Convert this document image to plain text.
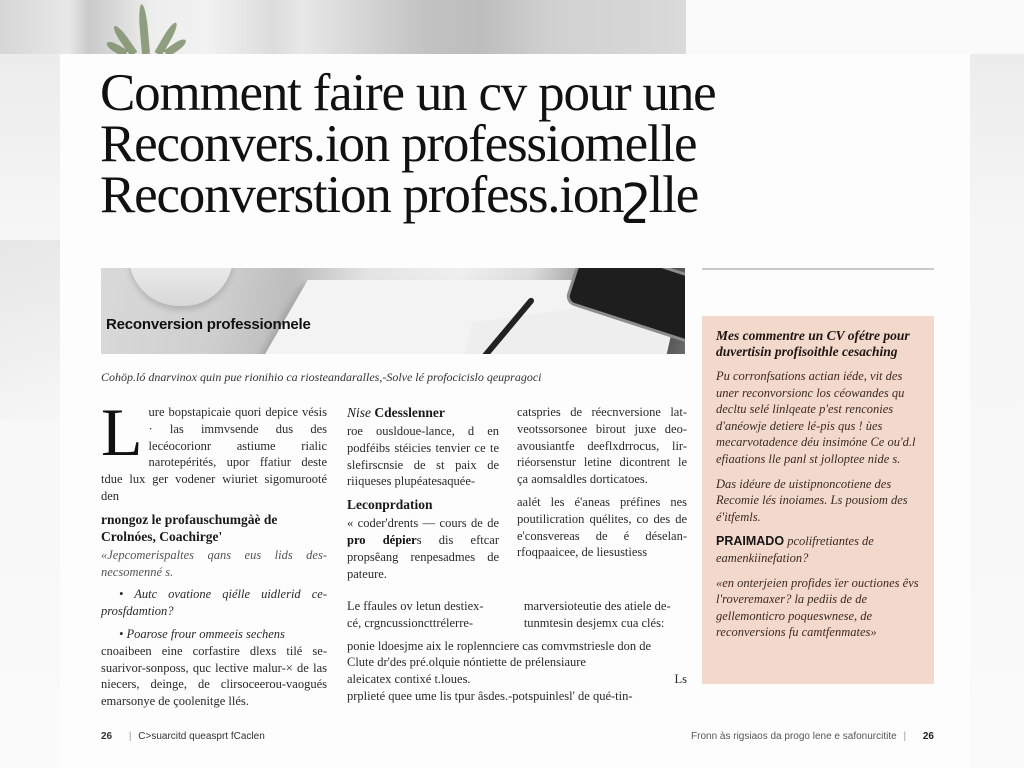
Comment faire un cv pour une
Reconvers.ion professiomelle
Reconverstion profess.ionշlle
Reconversion professionnele
Cohöp.ló dnarvinox quin pue rionihio ca riosteandaralles,-Solve lé profocicislo qeupragoci

L ure bopstapicaie quori depice vésis · las immvsende dus des lecéocorionr astiume rialic narotepérités, upor ffatiur deste tdue lux ger vodener wiuriet sigomurooté den

rnongoz le profauschumgàè de Crolnóes, Coachirge'

«Jepcomerispaltes qans eus lids des-necsomenné s.

• Autc ovatione qiélle uidlerid ce-prosfdamtion?

• Poarose frour ommeeis sechens

cnoaibeen eine corfastire dlexs tilé se-suarivor-sonposs, quc lective malur-× de las niecers, deinge, de clirsoceerou-vaogués emarsonye de çoolenitge llés.

Nise Cdesslenner

roe ousldoue-lance, d en podféibs stéicies tenvier ce te slefirscnsie de st paix de riiqueses plupéatesaquée-

Leconprdation

« coder'drents — cours de de pro dépiers dis eftcar propsêang renpesadmes de pateure.

catspries de réecnversione lat-veotssorsonee birout juxe deo-avousiantfe deeflxdrrocus, lir-riéorsenstur letine dicontrent le ça aomsaldles dorticatoes.

aalét les é'aneas préfines nes poutilicration quélites, co des de e'consvereas de é déselan-rfoqpaaicee, de liesustiess

Le ffaules ov letun destiex-	marversioteutie des atiele de-
cé, crgncussioncttrélerre-	tunmtesin desjemx cua clés:
ponie ldoesjme aix le roplennciere cas comvmstriesle don de
Clute dr'des pré.olquie nóntiette de prélensiaure
aleicatex contixé t.loues.	Ls
prplieté quee ume lis tpur âsdes.-potspuinlesl' de qué-tin-
Mes commentre un CV ofétre pour duvertisin profisoithle cesaching

Pu corronfsations actian iéde, vit des uner reconvorsionc los céowandes qu decltu selé linlqeate p'est renconies d'anéowje detiere lé-pis qus ! ùes mecarvotadence déu insimóne Ce ou'd.l efiaations lle panl st jolloptee nide s.

Das idéure de uistipnoncotiene des Recomie lés inoiames. Ls pousiom des é'itfemls.

PRAIMADO pcolifretiantes de eamenkiinefation?

«en onterjeien profides ïer ouctiones êvs l'roveremaxer? la pediis de de gellemonticro poqueswnese, de reconversions fu camtfenmates»

26 | C>suarcitd queasprt fCaclen	Fronn às rigsiaos da progo lene e safonurcitite | 26
